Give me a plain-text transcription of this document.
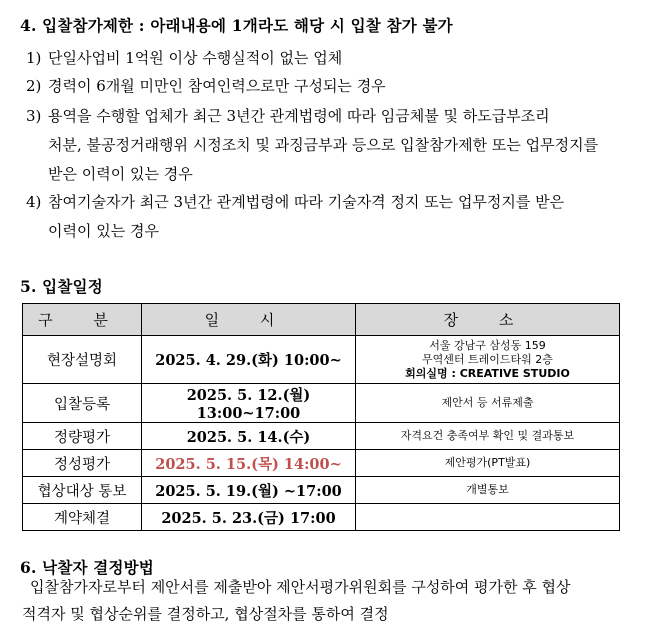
4. 입찰참가제한 : 아래내용에 1개라도 해당 시 입찰 참가 불가
1) 단일사업비 1억원 이상 수행실적이 없는 업체
2) 경력이 6개월 미만인 참여인력으로만 구성되는 경우
3) 용역을 수행할 업체가 최근 3년간 관계법령에 따라 임금체불 및 하도급부조리
처분, 불공정거래행위 시정조치 및 과징금부과 등으로 입찰참가제한 또는 업무정지를
받은 이력이 있는 경우
4) 참여기술자가 최근 3년간 관계법령에 따라 기술자격 정지 또는 업무정지를 받은
이력이 있는 경우
5. 입찰일정
구 분	일 시	장 소
현장설명회	2025. 4. 29.(화) 10:00~	서울 강남구 삼성동 159
무역센터 트레이드타워 2층
회의실명 : CREATIVE STUDIO

입찰등록	2025. 5. 12.(월) 13:00~17:00	제안서 등 서류제출
정량평가	2025. 5. 14.(수)	자격요건 충족여부 확인 및 결과통보
정성평가	2025. 5. 15.(목) 14:00~	제안평가(PT발표)
협상대상 통보	2025. 5. 19.(월) ~17:00	개별통보
계약체결	2025. 5. 23.(금) 17:00	
6. 낙찰자 결정방법
입찰참가자로부터 제안서를 제출받아 제안서평가위원회를 구성하여 평가한 후 협상
적격자 및 협상순위를 결정하고, 협상절차를 통하여 결정
